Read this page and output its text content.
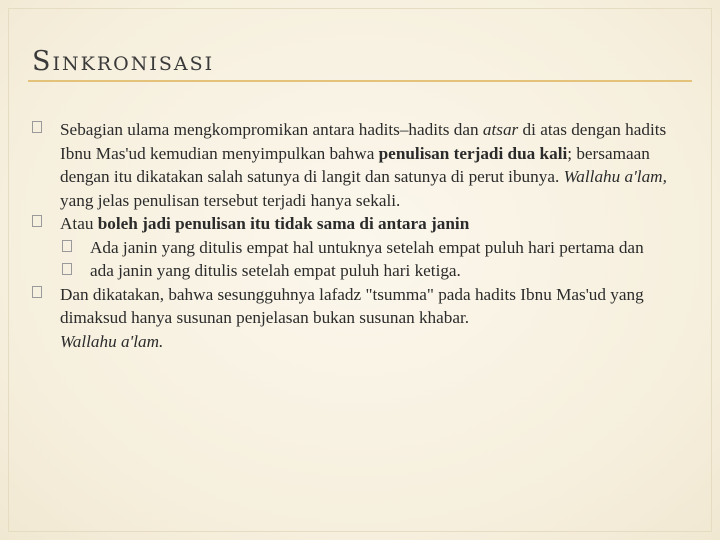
Sinkronisasi

Sebagian ulama mengkompromikan antara hadits–hadits dan atsar di atas dengan hadits Ibnu Mas'ud kemudian menyimpulkan bahwa penulisan terjadi dua kali; bersamaan dengan itu dikatakan salah satunya di langit dan satunya di perut ibunya. Wallahu a'lam, yang jelas penulisan tersebut terjadi hanya sekali.

Atau boleh jadi penulisan itu tidak sama di antara janin

Ada janin yang ditulis empat hal untuknya setelah empat puluh hari pertama dan

ada janin yang ditulis setelah empat puluh hari ketiga.

Dan dikatakan, bahwa sesungguhnya lafadz "tsumma" pada hadits Ibnu Mas'ud yang dimaksud hanya susunan penjelasan bukan susunan khabar.
Wallahu a'lam.
